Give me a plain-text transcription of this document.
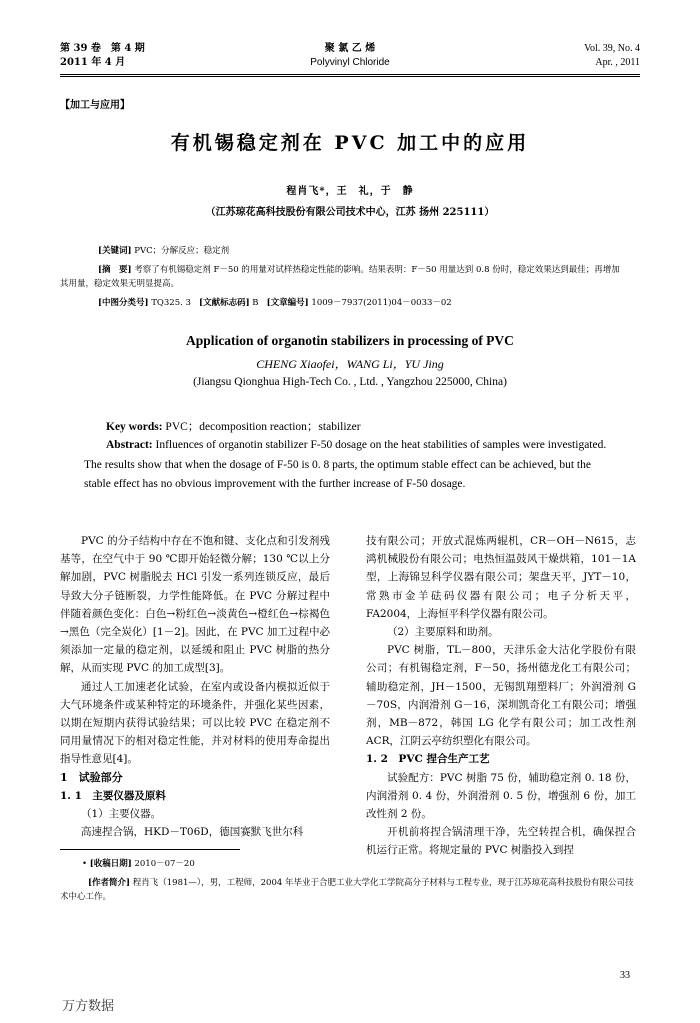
第 39 卷　第 4 期
2011 年 4 月
聚 氯 乙 烯
Polyvinyl Chloride
Vol. 39, No. 4
Apr. , 2011
【加工与应用】
有机锡稳定剂在 PVC 加工中的应用
程肖飞*，王　礼，于　静
（江苏琼花高科技股份有限公司技术中心，江苏 扬州 225111）
[关键词] PVC；分解反应；稳定剂
[摘　要] 考察了有机锡稳定剂 F－50 的用量对试样热稳定性能的影响。结果表明：F－50 用量达到 0.8 份时，稳定效果达到最佳；再增加其用量，稳定效果无明显提高。
[中图分类号] TQ325. 3 [文献标志码] B [文章编号] 1009－7937(2011)04－0033－02
Application of organotin stabilizers in processing of PVC
CHENG Xiaofei，WANG Li，YU Jing
(Jiangsu Qionghua High-Tech Co. , Ltd. , Yangzhou 225000, China)
Key words: PVC；decomposition reaction；stabilizer
Abstract: Influences of organotin stabilizer F-50 dosage on the heat stabilities of samples were investigated. The results show that when the dosage of F-50 is 0. 8 parts, the optimum stable effect can be achieved, but the stable effect has no obvious improvement with the further increase of F-50 dosage.

PVC 的分子结构中存在不饱和键、支化点和引发剂残基等，在空气中于 90 ℃即开始轻微分解；130 ℃以上分解加剧，PVC 树脂脱去 HCl 引发一系列连锁反应，最后导致大分子链断裂，力学性能降低。在 PVC 分解过程中伴随着颜色变化：白色→粉红色→淡黄色→橙红色→棕褐色→黑色（完全炭化）[1－2]。因此，在 PVC 加工过程中必须添加一定量的稳定剂，以延缓和阻止 PVC 树脂的热分解，从而实现 PVC 的加工成型[3]。

通过人工加速老化试验，在室内或设备内模拟近似于大气环境条件或某种特定的环境条件，并强化某些因素，以期在短期内获得试验结果；可以比较 PVC 在稳定剂不同用量情况下的相对稳定性能，并对材料的使用寿命提出指导性意见[4]。

1　试验部分

1. 1　主要仪器及原料

（1）主要仪器。

高速捏合锅，HKD－T06D，德国赛默飞世尔科

技有限公司；开放式混炼两辊机，CR－OH－N615，志鸿机械股份有限公司；电热恒温鼓风干燥烘箱，101－1A 型，上海锦昱科学仪器有限公司；架盘天平，JYT－10，常熟市金羊砝码仪器有限公司；电子分析天平，FA2004，上海恒平科学仪器有限公司。

（2）主要原料和助剂。

PVC 树脂，TL－800，天津乐金大沽化学股份有限公司；有机锡稳定剂，F－50，扬州德龙化工有限公司；辅助稳定剂，JH－1500，无锡凯翔塑料厂；外润滑剂 G－70S，内润滑剂 G－16，深圳凯奇化工有限公司；增强剂，MB－872，韩国 LG 化学有限公司；加工改性剂 ACR，江阴云亭纺织塑化有限公司。

1. 2　PVC 捏合生产工艺

试验配方：PVC 树脂 75 份，辅助稳定剂 0. 18 份，内润滑剂 0. 4 份，外润滑剂 0. 5 份，增强剂 6 份，加工改性剂 2 份。

开机前将捏合锅清理干净，先空转捏合机，确保捏合机运行正常。将规定量的 PVC 树脂投入到捏

• [收稿日期] 2010－07－20
[作者简介] 程肖飞（1981—），男，工程师，2004 年毕业于合肥工业大学化工学院高分子材料与工程专业，现于江苏琼花高科技股份有限公司技术中心工作。
33
万方数据
